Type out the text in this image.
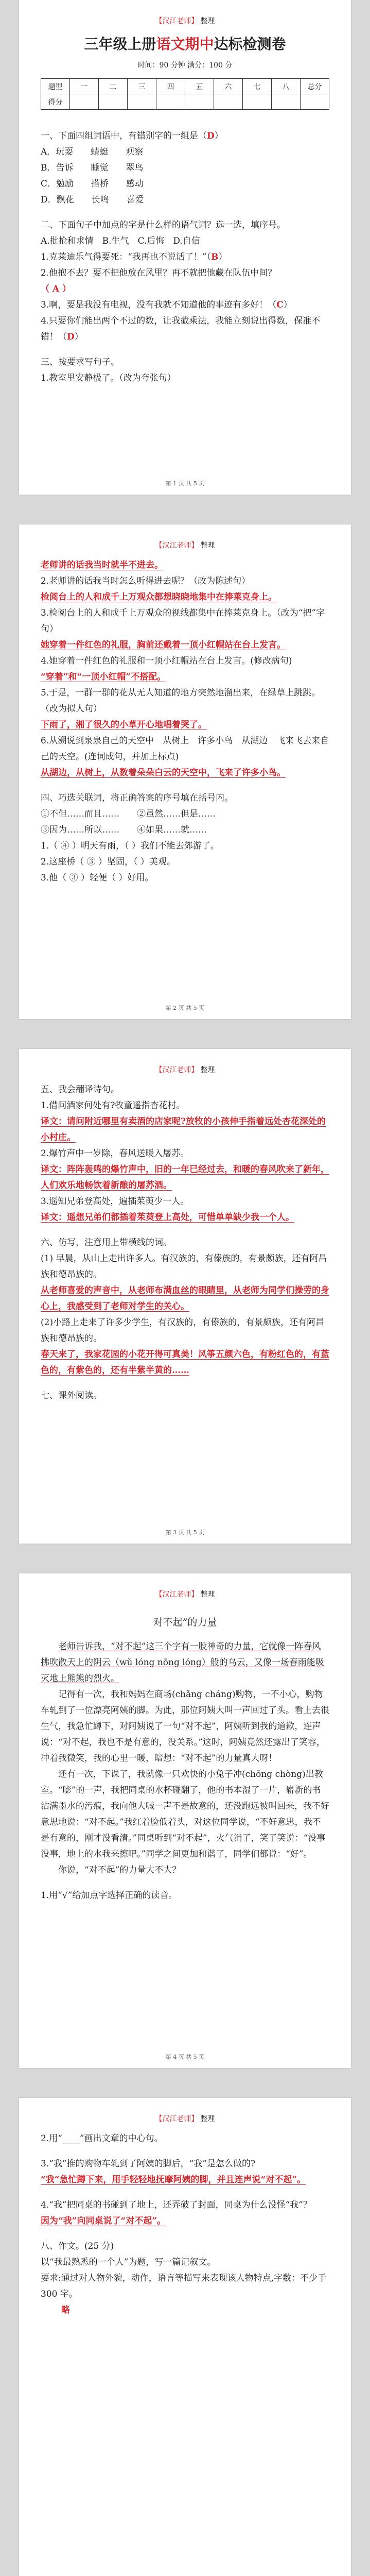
【汉江老师】 整理
三年级上册语文期中达标检测卷
时间：90 分钟 满分：100 分
题型	一	二	三	四	五	六	七	八	总分
得分									

一、下面四组词语中，有错别字的一组是（D）

A．玩耍　　蜻蜓　　观察

B．告诉　　睡觉　　翠鸟

C．勉励　　搭桥　　感动

D．飘花　　长鸣　　喜爱

二、下面句子中加点的字是什么样的语气词？选一选，填序号。

A.批抢和求情　B.生气　C.后悔　D.自信

1.克莱迪乐气得要死：“我再也不说话了！”（B）

2.他抱不去？要不把他放在风里？再不就把他藏在队伍中间？

（ A ）

3.啊，要是我没有电视，没有我就不知道他的事迹有多好！（C）

4.只要你们能出两个不过的数，让我截乘法，我能立刻说出得数，保准不错！（D）

三、按要求写句子。

1.教室里安静极了。（改为夸张句）

第 1 页 共 5 页
【汉江老师】 整理

老师讲的话我当时就半不进去。

2.老师讲的话我当时怎么听得进去呢？（改为陈述句）

检阅台上的人和成千上万观众都想晓晓地集中在捧莱克身上。

3.检阅台上的人和成千上万观众的视线都集中在捧莱克身上。（改为“把”字句）

她穿着一件红色的礼服，胸前还戴着一顶小红帽站在台上发言。

4.她穿着一件红色的礼服和一顶小红帽站在台上发言。(修改病句)

“穿着”和“一顶小红帽”不搭配。

5.于是，一群一群的花从无人知道的地方突然地溜出来，在绿草上跳跳。（改为拟人句）

下雨了，湘了很久的小草开心地唱着哭了。

6.从溯说到泉泉自己的天空中　从树上　许多小鸟　从湖边　飞来飞去来自己的天空。(连词成句，并加上标点)

从湖边，从树上，从数着朵朵白云的天空中，飞来了许多小鸟。

四、巧选关联词，将正确答案的序号填在括号内。

①不但……而且……　　②虽然……但是……

③因为……所以……　　④如果……就……

1.（ ④ ）明天有雨，（ ）我们不能去郊游了。

2.这座桥（ ③ ）坚固，（ ）美观。

3.他（ ③ ）轻便（ ）好用。

第 2 页 共 5 页
【汉江老师】 整理

五、我会翻译诗句。

1.借问酒家何处有?牧童遥指杏花村。

译文：请问附近哪里有卖酒的店家呢?放牧的小孩伸手指着远处杏花深处的小村庄。

2.爆竹声中一岁除，春风送暖入屠苏。

译文：阵阵轰鸣的爆竹声中，旧的一年已经过去，和暖的春风吹来了新年，人们欢乐地畅饮着新酿的屠苏酒。

3.遥知兄弟登高处，遍插茱萸少一人。

译文：遥想兄弟们都插着茱萸登上高处，可惜单单缺少我一个人。

六、仿写，注意用上带横线的词。

(1) 早晨，从山上走出许多人。有汉族的，有傣族的，有景颇族，还有阿昌族和德昂族的。

从老师喜爱的声音中，从老师布满血丝的眼睛里，从老师为同学们操劳的身心上，我感受到了老师对学生的关心。

(2)小路上走来了许多少学生，有汉族的，有傣族的，有景颇族，还有阿昌族和德昂族的。

春天来了，我家花园的小花开得可真美！风筝五颜六色，有粉红色的，有蓝色的，有紫色的，还有半紫半黄的……

七、课外阅读。

第 3 页 共 5 页
【汉江老师】 整理
对不起”的力量

老师告诉我，“对不起”这三个字有一股神奇的力量，它就像一阵春风拂吹散天上的阴云（wǔ lóng nōng lóng）般的乌云，又像一场春雨能吸灭地上熊熊的烈火。

记得有一次，我和妈妈在商场(chǎng cháng)购物，一不小心，购物车轧到了一位漂亮阿姨的脚。为此，那位阿姨大叫一声回过了头。看上去很生气，我急忙蹲下，对阿姨说了一句“对不起”，阿姨听到我的道歉，连声说：“对不起，我也不是有意的，没关系。”这时，阿姨竟然还露出了笑容，冲着我微笑，我的心里一暖，暗想：“对不起”的力量真大呀！

还有一次，下课了，我就像一只欢快的小兔子冲(chōng chòng)出教室。“嘭”的一声，我把同桌的水杯碰翻了，他的书本湿了一片，崭新的书沾满墨水的污痕，我向他大喊一声不是故意的，还没跑远被叫回来，我不好意思地说：“对不起。”我红着脸低着头，对这位同学说，“不好意思，我不是有意的，刚才没看清。”同桌听到“对不起”，火气消了，笑了笑说：“没事没事，地上的水我来擦吧。”同学之间更加和谐了，同学们都说：“好”。

你说，“对不起”的力量大不大？

1.用“√”给加点字选择正确的读音。

第 4 页 共 5 页
【汉江老师】 整理

2.用“____”画出文章的中心句。

3.“我”推的购物车轧到了阿姨的脚后，“我”是怎么做的?

“我”急忙蹲下来，用手轻轻地抚摩阿姨的脚，并且连声说“对不起”。

4.“我”把同桌的书碰到了地上，还弄破了封面，同桌为什么没怪“我”？

因为“我”向同桌说了“对不起”。

八、作文。(25 分)

以“我最熟悉的一个人”为题，写一篇记叙文。

要求:通过对人物外貌，动作，语言等描写来表现该人物特点,字数：不少于 300 字。

略
